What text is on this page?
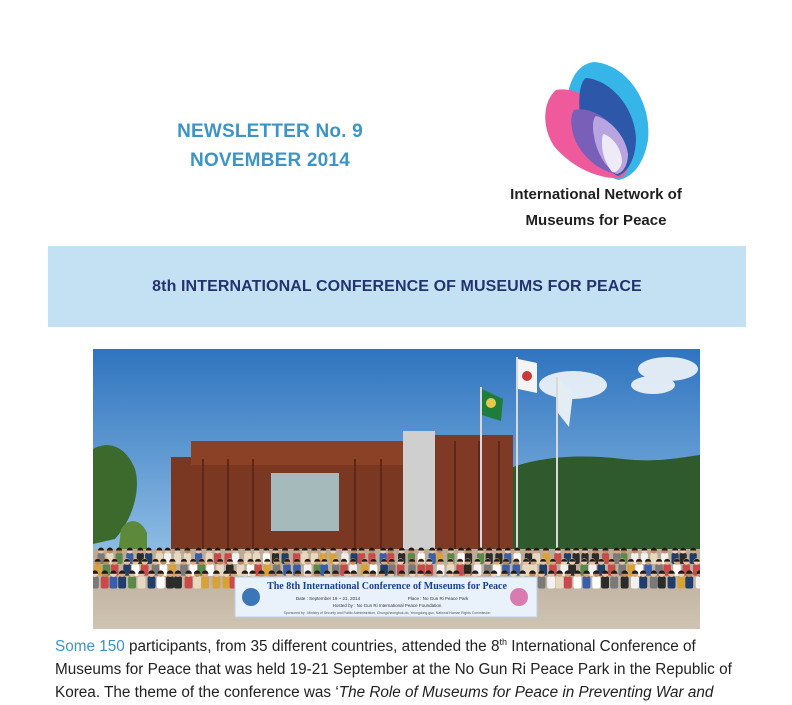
NEWSLETTER No. 9
NOVEMBER 2014
International Network of
Museums for Peace
8th INTERNATIONAL CONFERENCE OF MUSEUMS FOR PEACE
The 8th International Conference of Museums for Peace
Date : September 19 ~ 21, 2014	Place : No Gun Ri Peace Park
Hosted by : No Gun Ri International Peace Foundation
Sponsored by : Ministry of Security and Public Administration, Chungcheongbuk-do, Yeongdong-gun, National Human Rights Commission
Some 150 participants, from 35 different countries, attended the 8th International Conference of Museums for Peace that was held 19-21 September at the No Gun Ri Peace Park in the Republic of Korea. The theme of the conference was ‘The Role of Museums for Peace in Preventing War and
